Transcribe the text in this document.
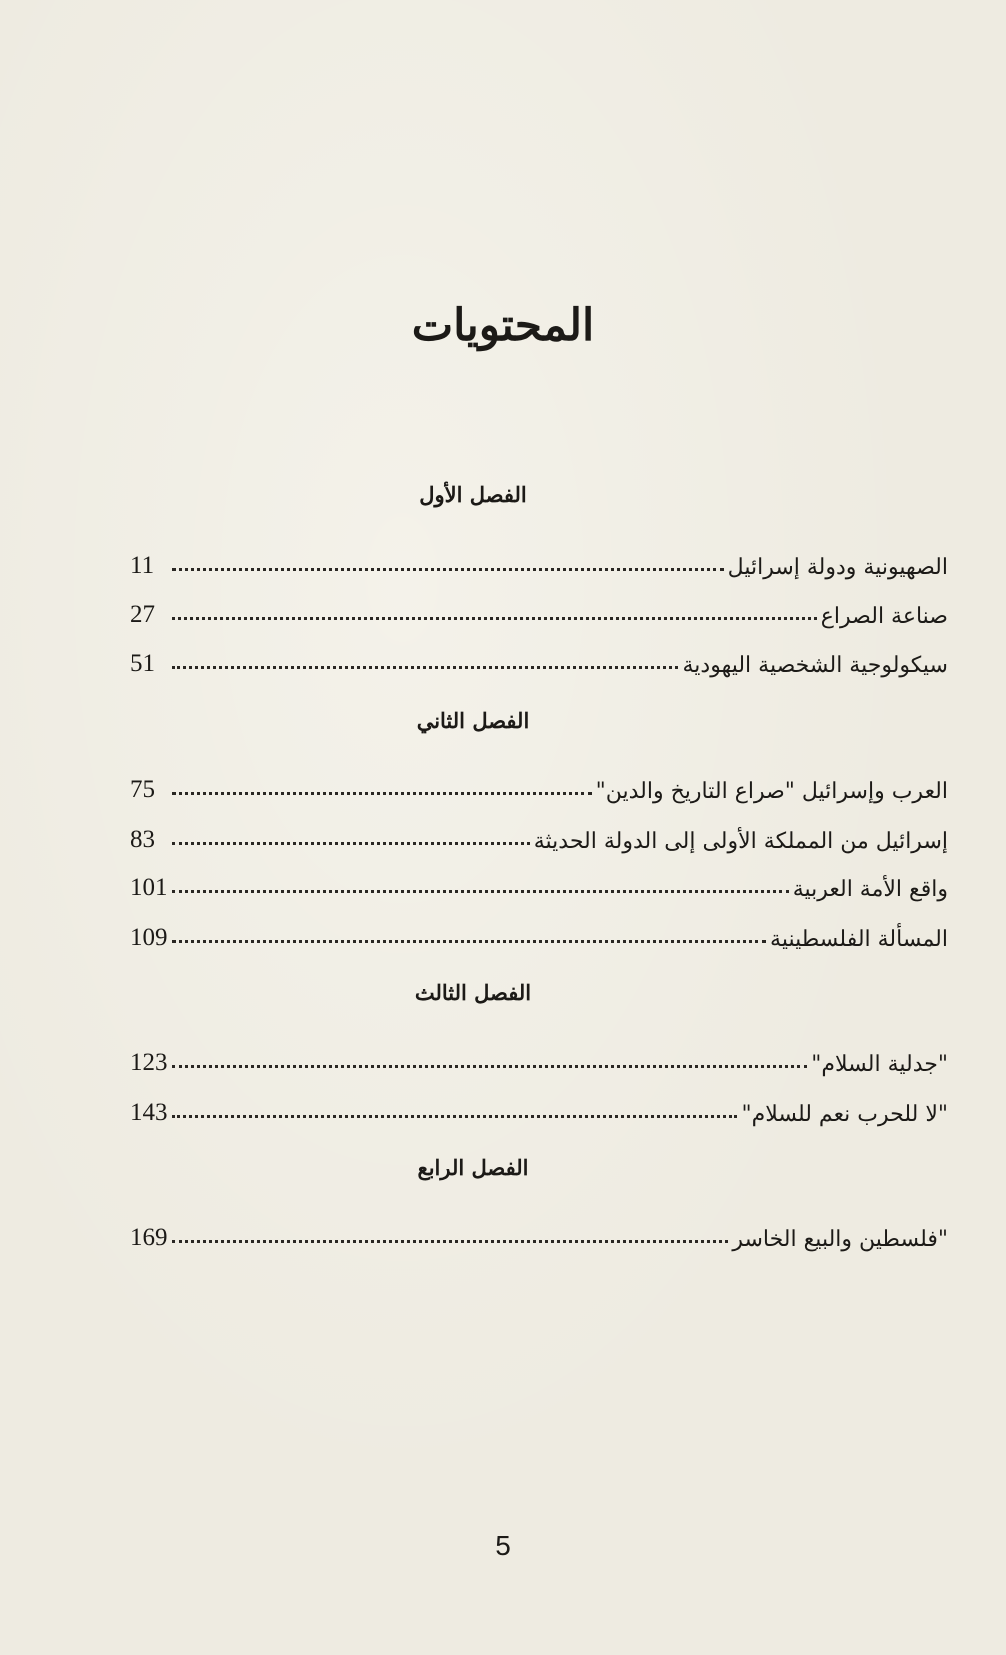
المحتويات
الفصل الأول
الصهيونية ودولة إسرائيل
11
صناعة الصراع
27
سيكولوجية الشخصية اليهودية
51
الفصل الثاني
العرب وإسرائيل "صراع التاريخ والدين"
75
إسرائيل من المملكة الأولى إلى الدولة الحديثة
83
واقع الأمة العربية
101
المسألة الفلسطينية
109
الفصل الثالث
"جدلية السلام"
123
"لا للحرب نعم للسلام"
143
الفصل الرابع
"فلسطين والبيع الخاسر
169
5
